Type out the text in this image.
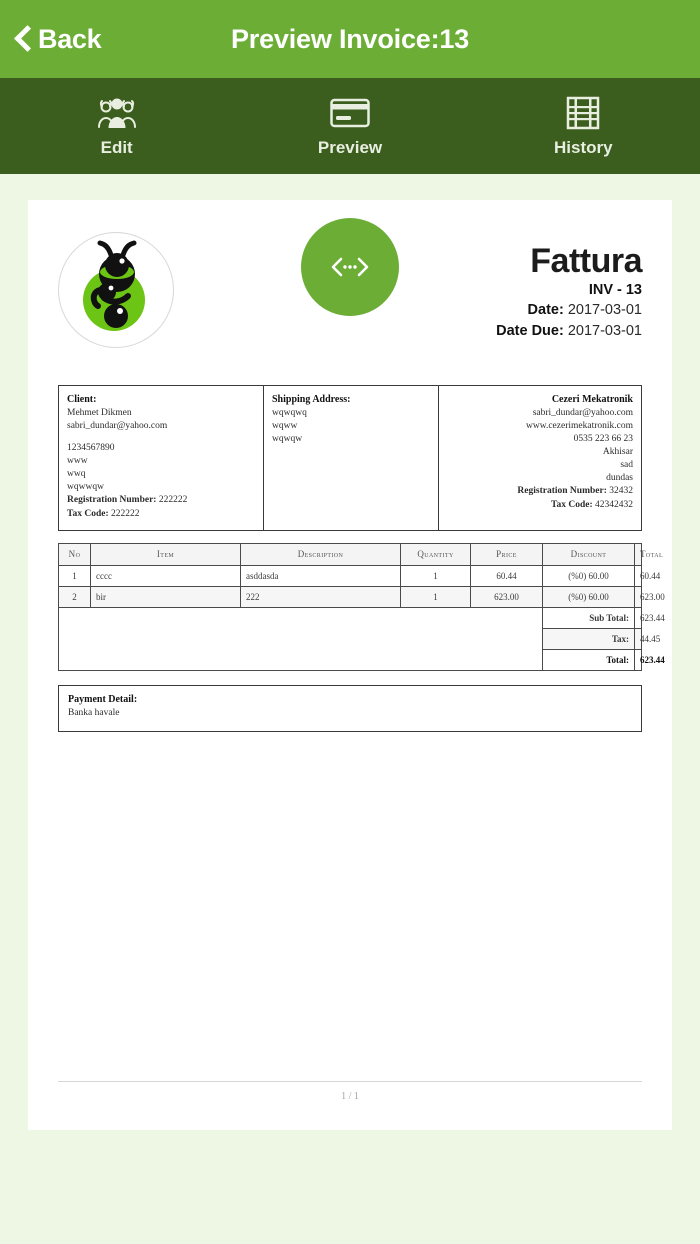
Back	Preview Invoice:13
Edit	Preview	History
Fattura
INV - 13
Date: 2017-03-01
Date Due: 2017-03-01
Client:
Mehmet Dikmen
sabri_dundar@yahoo.com
1234567890
www
wwq
wqwwqw
Registration Number: 222222
Tax Code: 222222
Shipping Address:
wqwqwq
wqww
wqwqw
Cezeri Mekatronik
sabri_dundar@yahoo.com
www.cezerimekatronik.com
0535 223 66 23
Akhisar
sad
dundas
Registration Number: 32432
Tax Code: 42342432
No	Item	Description	Quantity	Price	Discount	Total
1	cccc	asddasda	1	60.44	(%0) 60.00	60.44
2	bir	222	1	623.00	(%0) 60.00	623.00
					Sub Total:	623.44
					Tax:	44.45
					Total:	623.44
Payment Detail:
Banka havale
1 / 1
